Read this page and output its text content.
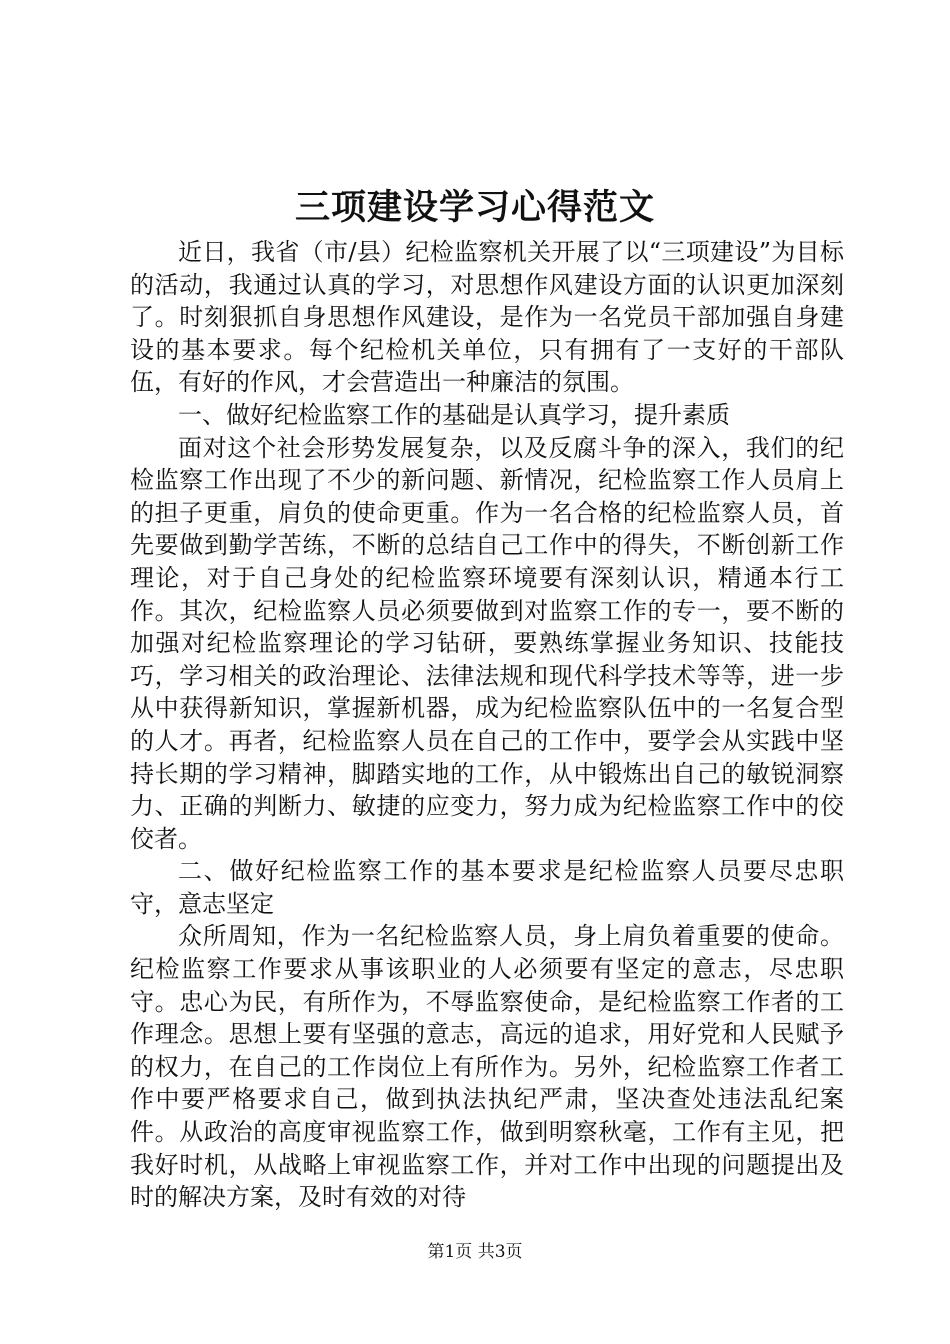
三项建设学习心得范文

近日，我省（市/县）纪检监察机关开展了以“三项建设”为目标的活动，我通过认真的学习，对思想作风建设方面的认识更加深刻了。时刻狠抓自身思想作风建设，是作为一名党员干部加强自身建设的基本要求。每个纪检机关单位，只有拥有了一支好的干部队伍，有好的作风，才会营造出一种廉洁的氛围。

一、做好纪检监察工作的基础是认真学习，提升素质

面对这个社会形势发展复杂，以及反腐斗争的深入，我们的纪检监察工作出现了不少的新问题、新情况，纪检监察工作人员肩上的担子更重，肩负的使命更重。作为一名合格的纪检监察人员，首先要做到勤学苦练，不断的总结自己工作中的得失，不断创新工作理论，对于自己身处的纪检监察环境要有深刻认识，精通本行工作。其次，纪检监察人员必须要做到对监察工作的专一，要不断的加强对纪检监察理论的学习钻研，要熟练掌握业务知识、技能技巧，学习相关的政治理论、法律法规和现代科学技术等等，进一步从中获得新知识，掌握新机器，成为纪检监察队伍中的一名复合型的人才。再者，纪检监察人员在自己的工作中，要学会从实践中坚持长期的学习精神，脚踏实地的工作，从中锻炼出自己的敏锐洞察力、正确的判断力、敏捷的应变力，努力成为纪检监察工作中的佼佼者。

二、做好纪检监察工作的基本要求是纪检监察人员要尽忠职守，意志坚定

众所周知，作为一名纪检监察人员，身上肩负着重要的使命。纪检监察工作要求从事该职业的人必须要有坚定的意志，尽忠职守。忠心为民，有所作为，不辱监察使命，是纪检监察工作者的工作理念。思想上要有坚强的意志，高远的追求，用好党和人民赋予的权力，在自己的工作岗位上有所作为。另外，纪检监察工作者工作中要严格要求自己，做到执法执纪严肃，坚决查处违法乱纪案件。从政治的高度审视监察工作，做到明察秋毫，工作有主见，把我好时机，从战略上审视监察工作，并对工作中出现的问题提出及时的解决方案，及时有效的对待

第1页 共3页
